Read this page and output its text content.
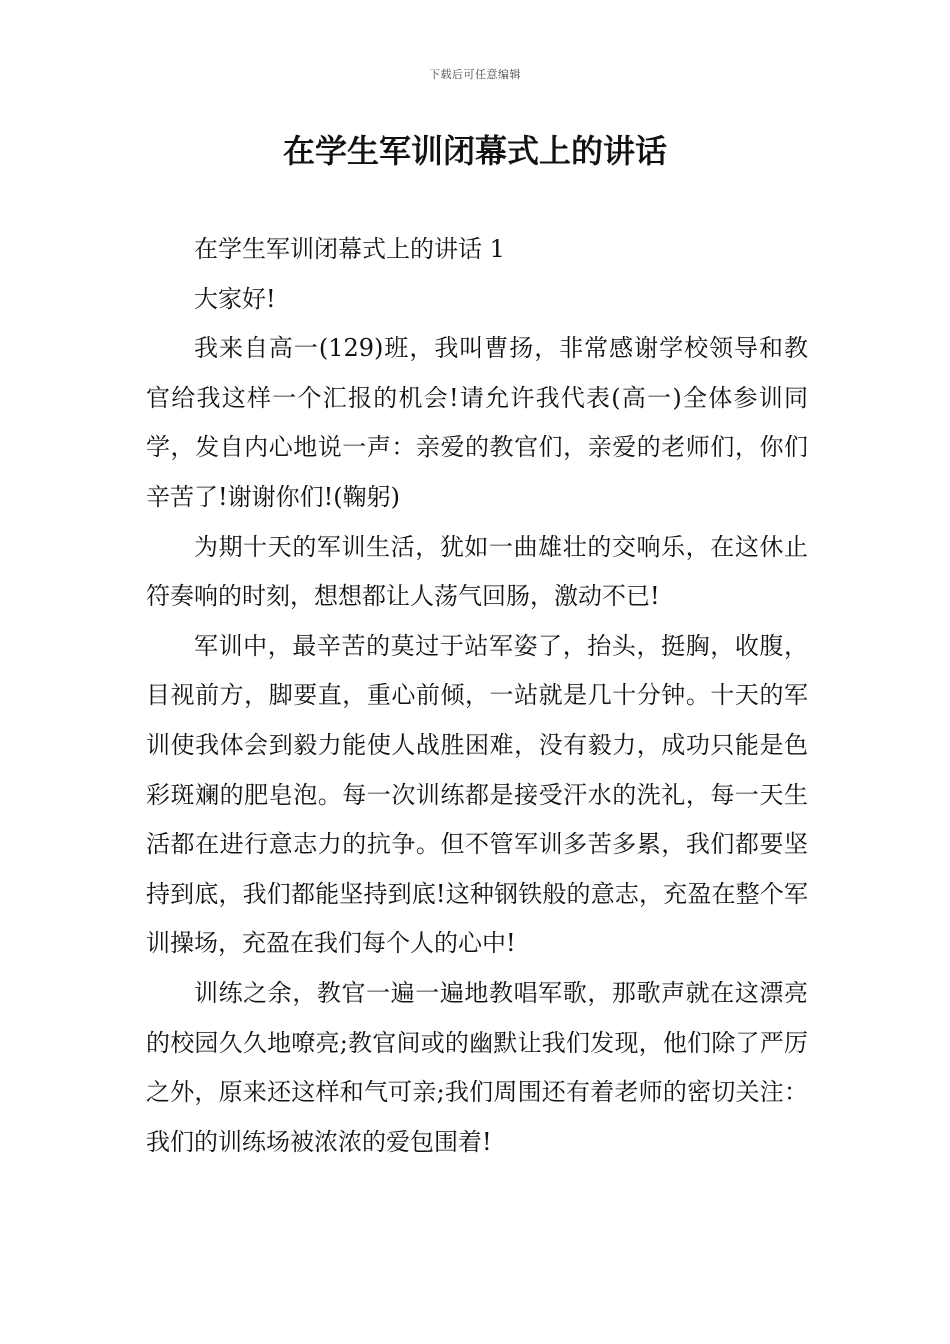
下载后可任意编辑
在学生军训闭幕式上的讲话

在学生军训闭幕式上的讲话 1

大家好!

我来自高一(129)班，我叫曹扬，非常感谢学校领导和教官给我这样一个汇报的机会!请允许我代表(高一)全体参训同学，发自内心地说一声：亲爱的教官们，亲爱的老师们，你们辛苦了!谢谢你们!(鞠躬)

为期十天的军训生活，犹如一曲雄壮的交响乐，在这休止符奏响的时刻，想想都让人荡气回肠，激动不已!

军训中，最辛苦的莫过于站军姿了，抬头，挺胸，收腹，目视前方，脚要直，重心前倾，一站就是几十分钟。十天的军训使我体会到毅力能使人战胜困难，没有毅力，成功只能是色彩斑斓的肥皂泡。每一次训练都是接受汗水的洗礼，每一天生活都在进行意志力的抗争。但不管军训多苦多累，我们都要坚持到底，我们都能坚持到底!这种钢铁般的意志，充盈在整个军训操场，充盈在我们每个人的心中!

训练之余，教官一遍一遍地教唱军歌，那歌声就在这漂亮的校园久久地嘹亮;教官间或的幽默让我们发现，他们除了严厉之外，原来还这样和气可亲;我们周围还有着老师的密切关注：我们的训练场被浓浓的爱包围着!
